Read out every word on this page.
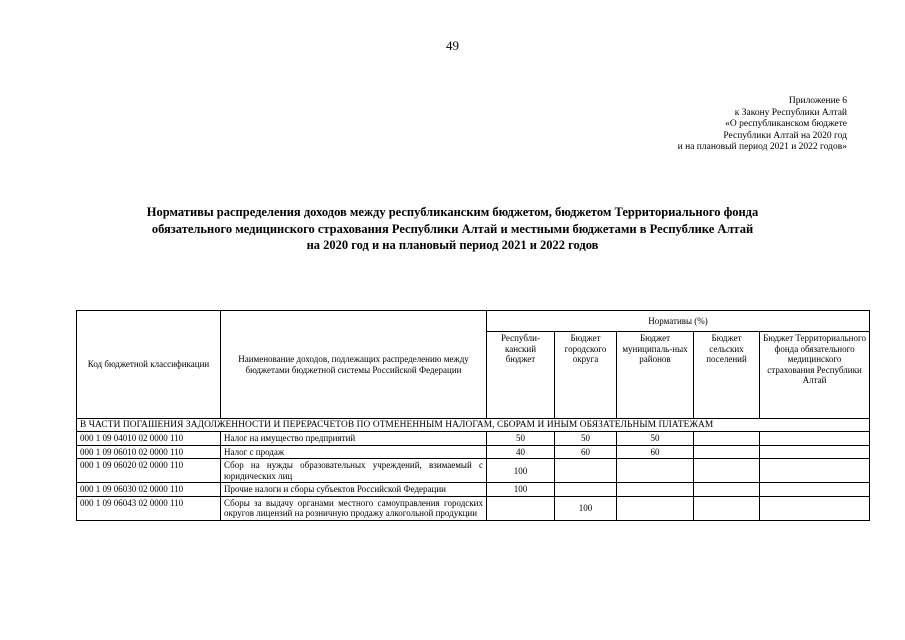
49
Приложение 6
к Закону Республики Алтай
«О республиканском бюджете
Республики Алтай на 2020 год
и на плановый период 2021 и 2022 годов»
Нормативы распределения доходов между республиканским бюджетом, бюджетом Территориального фонда
обязательного медицинского страхования Республики Алтай и местными бюджетами в Республике Алтай
на 2020 год и на плановый период 2021 и 2022 годов
Код бюджетной классификации	Наименование доходов, подлежащих распределению между бюджетами бюджетной системы Российской Федерации	Нормативы (%)				
		Республи-канский бюджет	Бюджет городского округа	Бюджет муниципаль-ных районов	Бюджет сельских поселений	Бюджет Территориального фонда обязательного медицинского страхования Республики Алтай
В ЧАСТИ ПОГАШЕНИЯ ЗАДОЛЖЕННОСТИ И ПЕРЕРАСЧЕТОВ ПО ОТМЕНЕННЫМ НАЛОГАМ, СБОРАМ И ИНЫМ ОБЯЗАТЕЛЬНЫМ ПЛАТЕЖАМ						
000 1 09 04010 02 0000 110	Налог на имущество предприятий	50	50	50		
000 1 09 06010 02 0000 110	Налог с продаж	40	60	60		
000 1 09 06020 02 0000 110	Сбор на нужды образовательных учреждений, взимаемый с юридических лиц	100				
000 1 09 06030 02 0000 110	Прочие налоги и сборы субъектов Российской Федерации	100				
000 1 09 06043 02 0000 110	Сборы за выдачу органами местного самоуправления городских округов лицензий на розничную продажу алкогольной продукции		100			
